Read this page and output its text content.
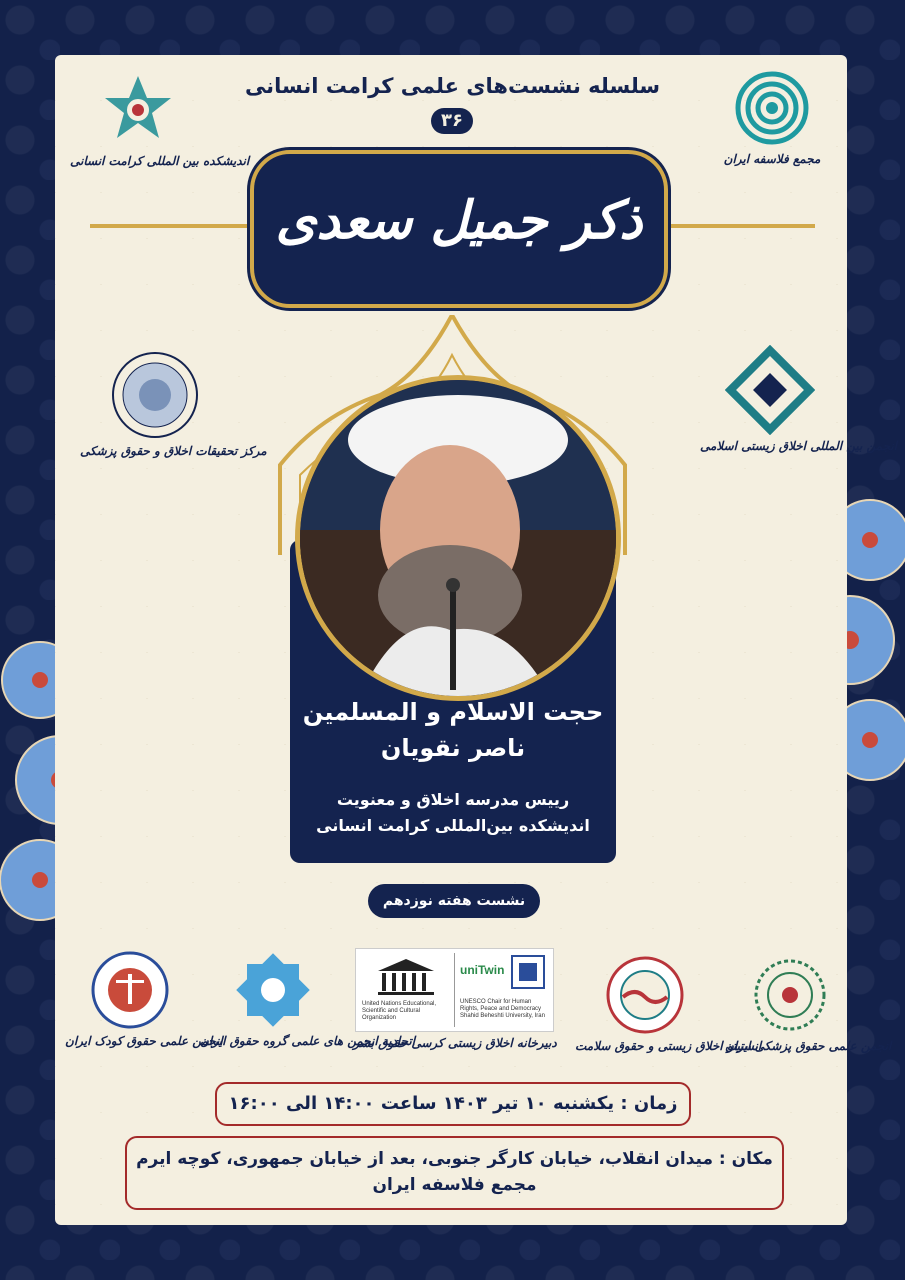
سلسله نشست‌های علمی کرامت انسانی
۳۶
اندیشکده بین المللی کرامت انسانی	مجمع فلاسفه ایران
ذکر جمیل سعدی
مرکز تحقیقات اخلاق و حقوق پزشکی	انجمن بین المللی اخلاق زیستی اسلامی
حجت الاسلام و المسلمین
ناصر نقویان
رییس مدرسه اخلاق و معنویت
اندیشکده بین‌المللی کرامت انسانی
نشست هفته نوزدهم
انجمن علمی حقوق کودک ایران
اتحادیه انجمن های علمی گروه حقوق ایران
United Nations Educational, Scientific and Cultural Organization
uniTwin
UNESCO Chair for Human Rights, Peace and Democracy Shahid Beheshti University, Iran
دبیرخانه اخلاق زیستی کرسی حقوق بشر انستیتو اخلاق زیستی و حقوق سلامت
انجمن علمی حقوق پزشکی ایران
زمان : یکشنبه ۱۰ تیر ۱۴۰۳ ساعت ۱۴:۰۰ الی ۱۶:۰۰
مکان : میدان انقلاب، خیابان کارگر جنوبی، بعد از خیابان جمهوری، کوچه ایرم
مجمع فلاسفه ایران
